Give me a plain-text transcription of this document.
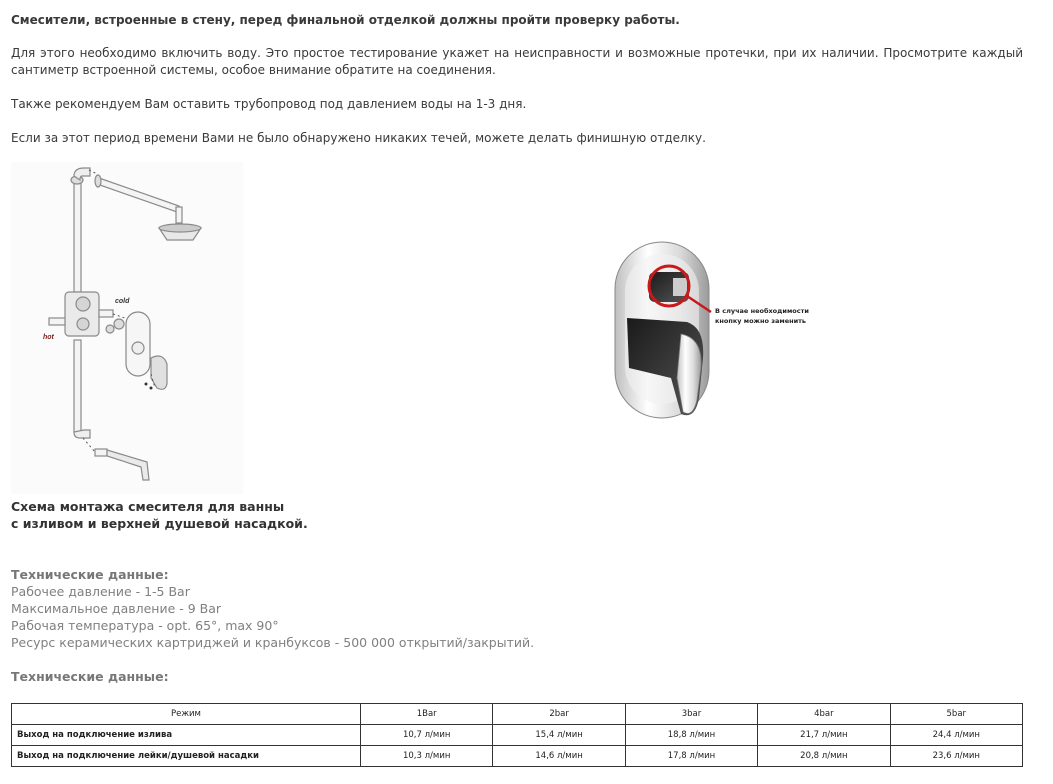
Смесители, встроенные в стену, перед финальной отделкой должны пройти проверку работы.

Для этого необходимо включить воду. Это простое тестирование укажет на неисправности и возможные протечки, при их наличии. Просмотрите каждый сантиметр встроенной системы, особое внимание обратите на соединения.

Также рекомендуем Вам оставить трубопровод под давлением воды на 1-3 дня.

Если за этот период времени Вами не было обнаружено никаких течей, можете делать финишную отделку.

cold
hot
Схема монтажа смесителя для ванны
с изливом и верхней душевой насадкой.
В случае необходимости
кнопку можно заменить
Технические данные:
Рабочее давление - 1-5 Bar
Максимальное давление - 9 Bar
Рабочая температура - opt. 65°, max 90°
Ресурс керамических картриджей и кранбуксов - 500 000 открытий/закрытий.
Технические данные:
Режим	1Bar	2bar	3bar	4bar	5bar
Выход на подключение излива	10,7 л/мин	15,4 л/мин	18,8 л/мин	21,7 л/мин	24,4 л/мин
Выход на подключение лейки/душевой насадки	10,3 л/мин	14,6 л/мин	17,8 л/мин	20,8 л/мин	23,6 л/мин
